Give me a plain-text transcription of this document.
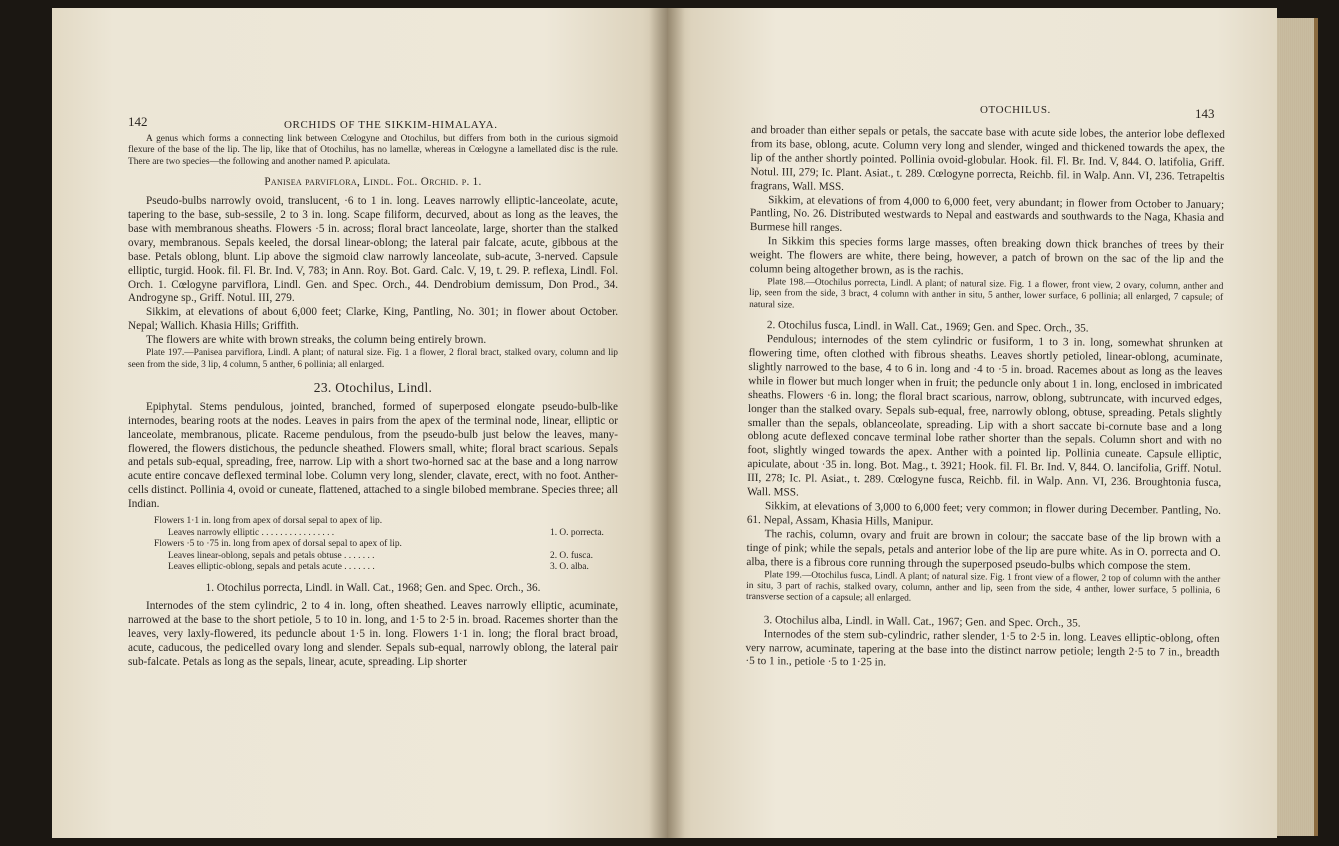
142	ORCHIDS OF THE SIKKIM-HIMALAYA.

A genus which forms a connecting link between Cœlogyne and Otochilus, but differs from both in the curious sigmoid flexure of the base of the lip. The lip, like that of Otochilus, has no lamellæ, whereas in Cœlogyne a lamellated disc is the rule. There are two species—the following and another named P. apiculata.

Panisea parviflora, Lindl. Fol. Orchid. p. 1.

Pseudo-bulbs narrowly ovoid, translucent, ·6 to 1 in. long. Leaves narrowly elliptic-lanceolate, acute, tapering to the base, sub-sessile, 2 to 3 in. long. Scape filiform, decurved, about as long as the leaves, the base with membranous sheaths. Flowers ·5 in. across; floral bract lanceolate, large, shorter than the stalked ovary, membranous. Sepals keeled, the dorsal linear-oblong; the lateral pair falcate, acute, gibbous at the base. Petals oblong, blunt. Lip above the sigmoid claw narrowly lanceolate, sub-acute, 3-nerved. Capsule elliptic, turgid. Hook. fil. Fl. Br. Ind. V, 783; in Ann. Roy. Bot. Gard. Calc. V, 19, t. 29. P. reflexa, Lindl. Fol. Orch. 1. Cœlogyne parviflora, Lindl. Gen. and Spec. Orch., 44. Dendrobium demissum, Don Prod., 34. Androgyne sp., Griff. Notul. III, 279.

Sikkim, at elevations of about 6,000 feet; Clarke, King, Pantling, No. 301; in flower about October. Nepal; Wallich. Khasia Hills; Griffith.

The flowers are white with brown streaks, the column being entirely brown.

Plate 197.—Panisea parviflora, Lindl. A plant; of natural size. Fig. 1 a flower, 2 floral bract, stalked ovary, column and lip seen from the side, 3 lip, 4 column, 5 anther, 6 pollinia; all enlarged.

23. Otochilus, Lindl.

Epiphytal. Stems pendulous, jointed, branched, formed of superposed elongate pseudo-bulb-like internodes, bearing roots at the nodes. Leaves in pairs from the apex of the terminal node, linear, elliptic or lanceolate, membranous, plicate. Raceme pendulous, from the pseudo-bulb just below the leaves, many-flowered, the flowers distichous, the peduncle sheathed. Flowers small, white; floral bract scarious. Sepals and petals sub-equal, spreading, free, narrow. Lip with a short two-horned sac at the base and a long narrow acute entire concave deflexed terminal lobe. Column very long, slender, clavate, erect, with no foot. Anther-cells distinct. Pollinia 4, ovoid or cuneate, flattened, attached to a single bilobed membrane. Species three; all Indian.

Flowers 1·1 in. long from apex of dorsal sepal to apex of lip.
Leaves narrowly elliptic . . . . . . . . . . . . . . . .	1. O. porrecta.
Flowers ·5 to ·75 in. long from apex of dorsal sepal to apex of lip.
Leaves linear-oblong, sepals and petals obtuse . . . . . . .	2. O. fusca.
Leaves elliptic-oblong, sepals and petals acute . . . . . . .	3. O. alba.

1. Otochilus porrecta, Lindl. in Wall. Cat., 1968; Gen. and Spec. Orch., 36.

Internodes of the stem cylindric, 2 to 4 in. long, often sheathed. Leaves narrowly elliptic, acuminate, narrowed at the base to the short petiole, 5 to 10 in. long, and 1·5 to 2·5 in. broad. Racemes shorter than the leaves, very laxly-flowered, its peduncle about 1·5 in. long. Flowers 1·1 in. long; the floral bract broad, acute, caducous, the pedicelled ovary long and slender. Sepals sub-equal, narrowly oblong, the lateral pair sub-falcate. Petals as long as the sepals, linear, acute, spreading. Lip shorter

OTOCHILUS.	143

and broader than either sepals or petals, the saccate base with acute side lobes, the anterior lobe deflexed from its base, oblong, acute. Column very long and slender, winged and thickened towards the apex, the lip of the anther shortly pointed. Pollinia ovoid-globular. Hook. fil. Fl. Br. Ind. V, 844. O. latifolia, Griff. Notul. III, 279; Ic. Plant. Asiat., t. 289. Cœlogyne porrecta, Reichb. fil. in Walp. Ann. VI, 236. Tetrapeltis fragrans, Wall. MSS.

Sikkim, at elevations of from 4,000 to 6,000 feet, very abundant; in flower from October to January; Pantling, No. 26. Distributed westwards to Nepal and eastwards and southwards to the Naga, Khasia and Burmese hill ranges.

In Sikkim this species forms large masses, often breaking down thick branches of trees by their weight. The flowers are white, there being, however, a patch of brown on the sac of the lip and the column being altogether brown, as is the rachis.

Plate 198.—Otochilus porrecta, Lindl. A plant; of natural size. Fig. 1 a flower, front view, 2 ovary, column, anther and lip, seen from the side, 3 bract, 4 column with anther in situ, 5 anther, lower surface, 6 pollinia; all enlarged, 7 capsule; of natural size.

2. Otochilus fusca, Lindl. in Wall. Cat., 1969; Gen. and Spec. Orch., 35.

Pendulous; internodes of the stem cylindric or fusiform, 1 to 3 in. long, somewhat shrunken at flowering time, often clothed with fibrous sheaths. Leaves shortly petioled, linear-oblong, acuminate, slightly narrowed to the base, 4 to 6 in. long and ·4 to ·5 in. broad. Racemes about as long as the leaves while in flower but much longer when in fruit; the peduncle only about 1 in. long, enclosed in imbricated sheaths. Flowers ·6 in. long; the floral bract scarious, narrow, oblong, subtruncate, with incurved edges, longer than the stalked ovary. Sepals sub-equal, free, narrowly oblong, obtuse, spreading. Petals slightly smaller than the sepals, oblanceolate, spreading. Lip with a short saccate bi-cornute base and a long oblong acute deflexed concave terminal lobe rather shorter than the sepals. Column short and with no foot, slightly winged towards the apex. Anther with a pointed lip. Pollinia cuneate. Capsule elliptic, apiculate, about ·35 in. long. Bot. Mag., t. 3921; Hook. fil. Fl. Br. Ind. V, 844. O. lancifolia, Griff. Notul. III, 278; Ic. Pl. Asiat., t. 289. Cœlogyne fusca, Reichb. fil. in Walp. Ann. VI, 236. Broughtonia fusca, Wall. MSS.

Sikkim, at elevations of 3,000 to 6,000 feet; very common; in flower during December. Pantling, No. 61. Nepal, Assam, Khasia Hills, Manipur.

The rachis, column, ovary and fruit are brown in colour; the saccate base of the lip brown with a tinge of pink; while the sepals, petals and anterior lobe of the lip are pure white. As in O. porrecta and O. alba, there is a fibrous core running through the superposed pseudo-bulbs which compose the stem.

Plate 199.—Otochilus fusca, Lindl. A plant; of natural size. Fig. 1 front view of a flower, 2 top of column with the anther in situ, 3 part of rachis, stalked ovary, column, anther and lip, seen from the side, 4 anther, lower surface, 5 pollinia, 6 transverse section of a capsule; all enlarged.

3. Otochilus alba, Lindl. in Wall. Cat., 1967; Gen. and Spec. Orch., 35.

Internodes of the stem sub-cylindric, rather slender, 1·5 to 2·5 in. long. Leaves elliptic-oblong, often very narrow, acuminate, tapering at the base into the distinct narrow petiole; length 2·5 to 7 in., breadth ·5 to 1 in., petiole ·5 to 1·25 in.
